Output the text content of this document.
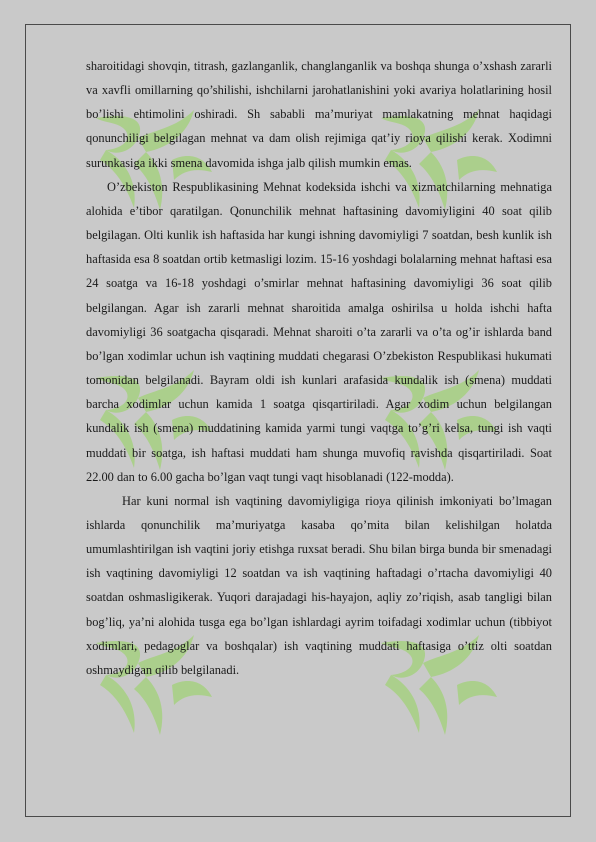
sharoitidagi shovqin, titrash, gazlanganlik, changlanganlik va boshqa shunga o’xshash zararli va xavfli omillarning qo’shilishi, ishchilarni jarohatlanishini yoki avariya holatlarining hosil bo’lishi ehtimolini oshiradi. Sh sababli ma’muriyat mamlakatning mehnat haqidagi qonunchiligi belgilagan mehnat va dam olish rejimiga qat’iy rioya qilishi kerak. Xodimni surunkasiga ikki smena davomida ishga jalb qilish mumkin emas.

O’zbekiston Respublikasining Mehnat kodeksida ishchi va xizmatchilarning mehnatiga alohida e’tibor qaratilgan. Qonunchilik mehnat haftasining davomiyligini 40 soat qilib belgilagan. Olti kunlik ish haftasida har kungi ishning davomiyligi 7 soatdan, besh kunlik ish haftasida esa 8 soatdan ortib ketmasligi lozim. 15-16 yoshdagi bolalarning mehnat haftasi esa 24 soatga va 16-18 yoshdagi o’smirlar mehnat haftasining davomiyligi 36 soat qilib belgilangan. Agar ish zararli mehnat sharoitida amalga oshirilsa u holda ishchi hafta davomiyligi 36 soatgacha qisqaradi. Mehnat sharoiti o’ta zararli va o’ta og’ir ishlarda band bo’lgan xodimlar uchun ish vaqtining muddati chegarasi O’zbekiston Respublikasi hukumati tomonidan belgilanadi. Bayram oldi ish kunlari arafasida kundalik ish (smena) muddati barcha xodimlar uchun kamida 1 soatga qisqartiriladi. Agar xodim uchun belgilangan kundalik ish (smena) muddatining kamida yarmi tungi vaqtga to’g’ri kelsa, tungi ish vaqti muddati bir soatga, ish haftasi muddati ham shunga muvofiq ravishda qisqartiriladi. Soat 22.00 dan to 6.00 gacha bo’lgan vaqt tungi vaqt hisoblanadi (122-modda).

Har kuni normal ish vaqtining davomiyligiga rioya qilinish imkoniyati bo’lmagan ishlarda qonunchilik ma’muriyatga kasaba qo’mita bilan kelishilgan holatda umumlashtirilgan ish vaqtini joriy etishga ruxsat beradi. Shu bilan birga bunda bir smenadagi ish vaqtining davomiyligi 12 soatdan va ish vaqtining haftadagi o’rtacha davomiyligi 40 soatdan oshmasligikerak. Yuqori darajadagi his-hayajon, aqliy zo’riqish, asab tangligi bilan bog’liq, ya’ni alohida tusga ega bo’lgan ishlardagi ayrim toifadagi xodimlar uchun (tibbiyot xodimlari, pedagoglar va boshqalar) ish vaqtining muddati haftasiga o’ttiz olti soatdan oshmaydigan qilib belgilanadi.
